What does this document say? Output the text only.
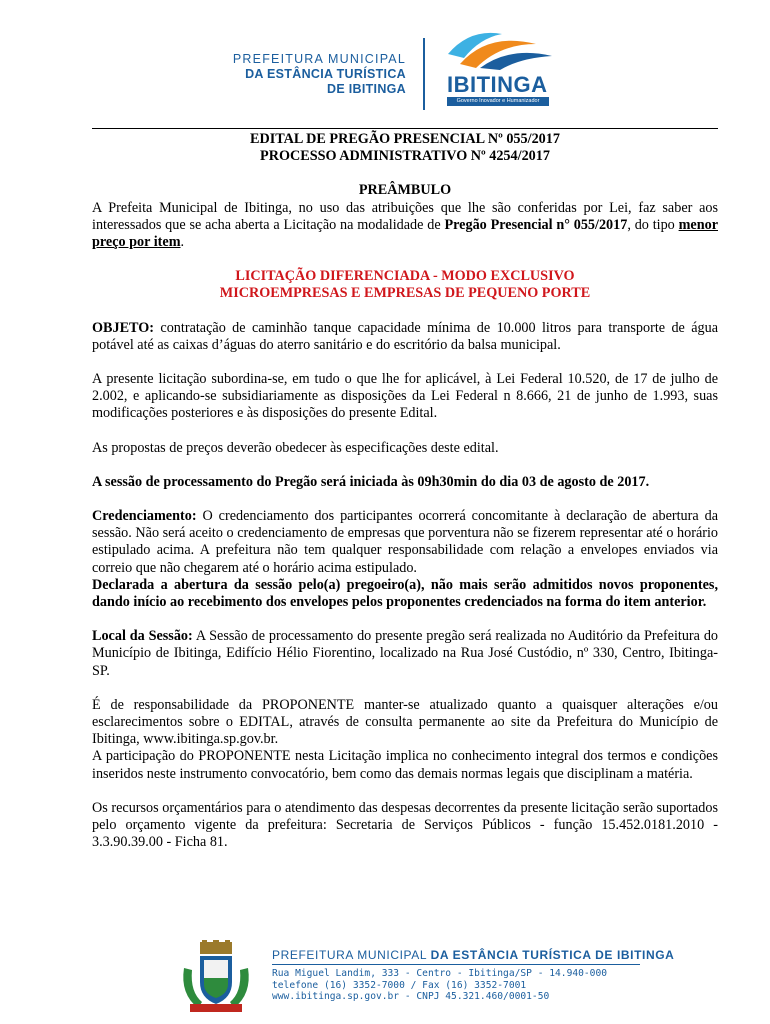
PREFEITURA MUNICIPAL
DA ESTÂNCIA TURÍSTICA
DE IBITINGA IBITINGA
Governo Inovador e Humanizador
EDITAL DE PREGÃO PRESENCIAL Nº 055/2017
PROCESSO ADMINISTRATIVO Nº 4254/2017
PREÂMBULO
A Prefeita Municipal de Ibitinga, no uso das atribuições que lhe são conferidas por Lei, faz saber aos interessados que se acha aberta a Licitação na modalidade de Pregão Presencial n° 055/2017, do tipo menor preço por item.
LICITAÇÃO DIFERENCIADA - MODO EXCLUSIVO
MICROEMPRESAS E EMPRESAS DE PEQUENO PORTE
OBJETO: contratação de caminhão tanque capacidade mínima de 10.000 litros para transporte de água potável até as caixas d’águas do aterro sanitário e do escritório da balsa municipal.
A presente licitação subordina-se, em tudo o que lhe for aplicável, à Lei Federal 10.520, de 17 de julho de 2.002, e aplicando-se subsidiariamente as disposições da Lei Federal n 8.666, 21 de junho de 1.993, suas modificações posteriores e às disposições do presente Edital.
As propostas de preços deverão obedecer às especificações deste edital.
A sessão de processamento do Pregão será iniciada às 09h30min do dia 03 de agosto de 2017.
Credenciamento: O credenciamento dos participantes ocorrerá concomitante à declaração de abertura da sessão. Não será aceito o credenciamento de empresas que porventura não se fizerem representar até o horário estipulado acima. A prefeitura não tem qualquer responsabilidade com relação a envelopes enviados via correio que não chegarem até o horário acima estipulado.
Declarada a abertura da sessão pelo(a) pregoeiro(a), não mais serão admitidos novos proponentes, dando início ao recebimento dos envelopes pelos proponentes credenciados na forma do item anterior.
Local da Sessão: A Sessão de processamento do presente pregão será realizada no Auditório da Prefeitura do Município de Ibitinga, Edifício Hélio Fiorentino, localizado na Rua José Custódio, nº 330, Centro, Ibitinga-SP.
É de responsabilidade da PROPONENTE manter-se atualizado quanto a quaisquer alterações e/ou esclarecimentos sobre o EDITAL, através de consulta permanente ao site da Prefeitura do Município de Ibitinga, www.ibitinga.sp.gov.br.
A participação do PROPONENTE nesta Licitação implica no conhecimento integral dos termos e condições inseridos neste instrumento convocatório, bem como das demais normas legais que disciplinam a matéria.
Os recursos orçamentários para o atendimento das despesas decorrentes da presente licitação serão suportados pelo orçamento vigente da prefeitura: Secretaria de Serviços Públicos - função 15.452.0181.2010 - 3.3.90.39.00 - Ficha 81.
PREFEITURA MUNICIPAL DA ESTÂNCIA TURÍSTICA DE IBITINGA
Rua Miguel Landim, 333 - Centro - Ibitinga/SP - 14.940-000
telefone (16) 3352-7000 / Fax (16) 3352-7001
www.ibitinga.sp.gov.br - CNPJ 45.321.460/0001-50
